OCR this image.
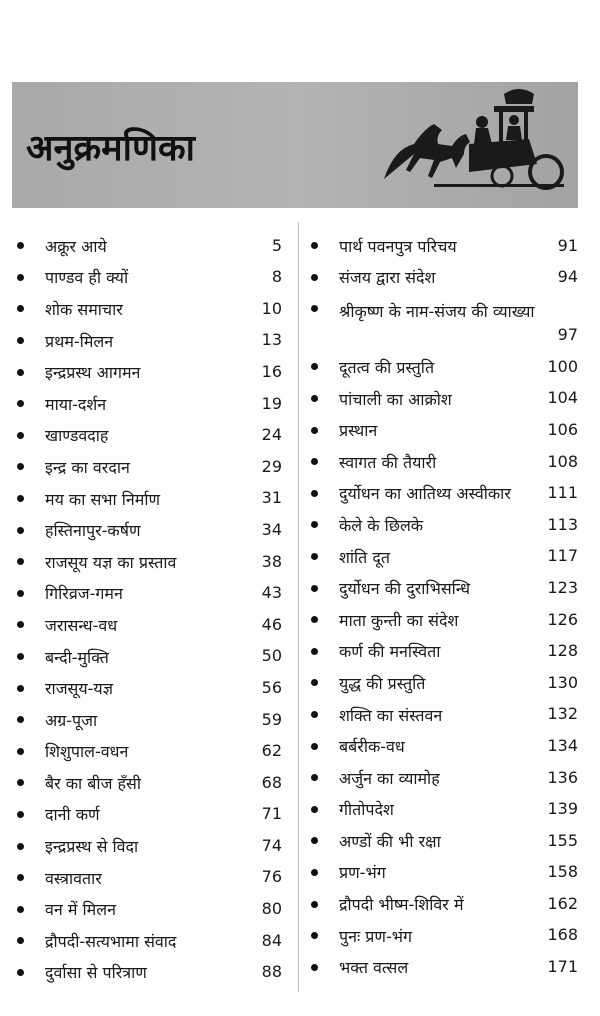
अनुक्रमणिका
अक्रूर आये	5
पाण्डव ही क्यों	8
शोक समाचार	10
प्रथम-मिलन	13
इन्द्रप्रस्थ आगमन	16
माया-दर्शन	19
खाण्डवदाह	24
इन्द्र का वरदान	29
मय का सभा निर्माण	31
हस्तिनापुर-कर्षण	34
राजसूय यज्ञ का प्रस्ताव	38
गिरिव्रज-गमन	43
जरासन्ध-वध	46
बन्दी-मुक्ति	50
राजसूय-यज्ञ	56
अग्र-पूजा	59
शिशुपाल-वधन	62
बैर का बीज हँसी	68
दानी कर्ण	71
इन्द्रप्रस्थ से विदा	74
वस्त्रावतार	76
वन में मिलन	80
द्रौपदी-सत्यभामा संवाद	84
दुर्वासा से परित्राण	88
पार्थ पवनपुत्र परिचय	91
संजय द्वारा संदेश	94
श्रीकृष्ण के नाम-संजय की व्याख्या
97
दूतत्व की प्रस्तुति	100
पांचाली का आक्रोश	104
प्रस्थान	106
स्वागत की तैयारी	108
दुर्योधन का आतिथ्य अस्वीकार	111
केले के छिलके	113
शांति दूत	117
दुर्योधन की दुराभिसन्धि	123
माता कुन्ती का संदेश	126
कर्ण की मनस्विता	128
युद्ध की प्रस्तुति	130
शक्ति का संस्तवन	132
बर्बरीक-वध	134
अर्जुन का व्यामोह	136
गीतोपदेश	139
अण्डों की भी रक्षा	155
प्रण-भंग	158
द्रौपदी भीष्म-शिविर में	162
पुनः प्रण-भंग	168
भक्त वत्सल	171
